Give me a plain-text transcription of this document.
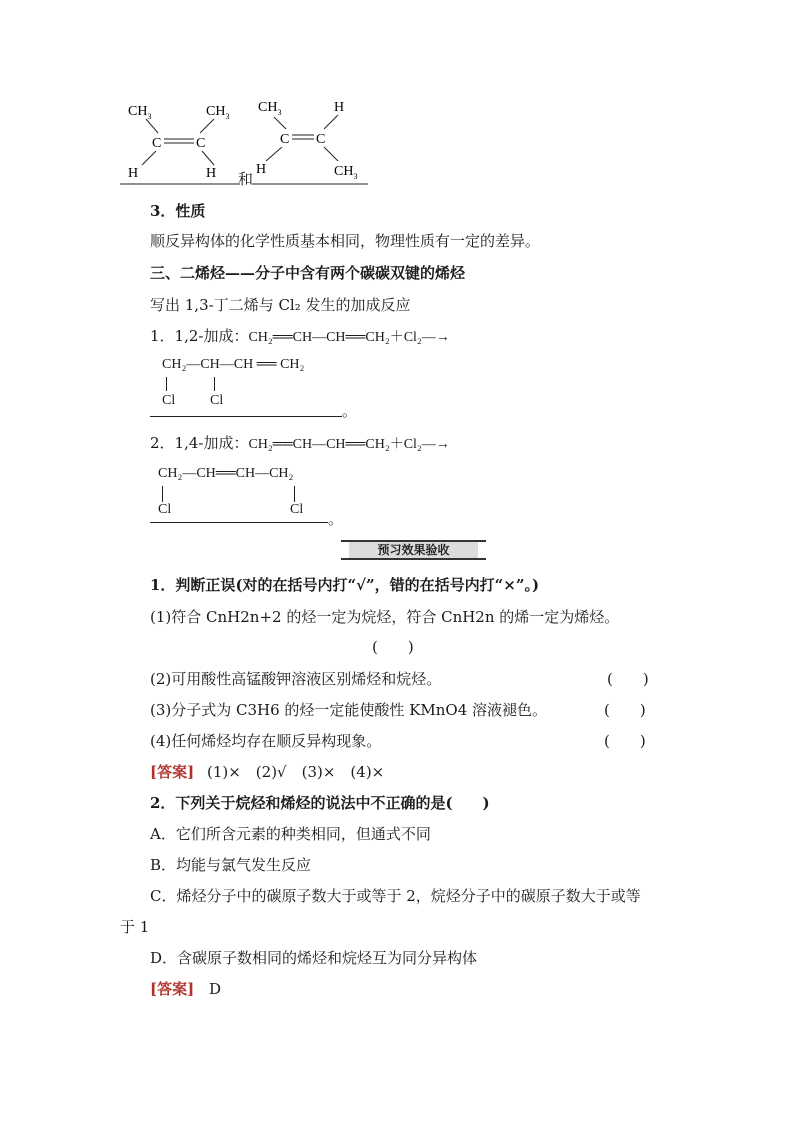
$CH_3$	$CH_3$
C C
H	H 和
$CH_3$	H
C C
H	$CH_3$
3．性质
顺反异构体的化学性质基本相同，物理性质有一定的差异。
三、二烯烃——分子中含有两个碳碳双键的烯烃
写出 1,3-丁二烯与 Cl₂ 发生的加成反应
1．1,2-加成：CH₂══CH—CH══CH₂＋Cl₂—→
CH₂—CH—CH ══ CH₂
Cl Cl
。
2．1,4-加成：CH₂══CH—CH══CH₂＋Cl₂—→
CH₂—CH══CH—CH₂
Cl	Cl
。
预习效果验收
1．判断正误(对的在括号内打“√”，错的在括号内打“×”。)
(1)符合 CnH2n+2 的烃一定为烷烃，符合 CnH2n 的烯一定为烯烃。
(　　)
(2)可用酸性高锰酸钾溶液区别烯烃和烷烃。	(　　)
(3)分子式为 C3H6 的烃一定能使酸性 KMnO4 溶液褪色。	(　　)
(4)任何烯烃均存在顺反异构现象。	(　　)
[答案] (1)×　(2)√　(3)×　(4)×
2．下列关于烷烃和烯烃的说法中不正确的是(　　)
A．它们所含元素的种类相同，但通式不同
B．均能与氯气发生反应
C．烯烃分子中的碳原子数大于或等于 2，烷烃分子中的碳原子数大于或等
于 1
D．含碳原子数相同的烯烃和烷烃互为同分异构体
[答案] D
